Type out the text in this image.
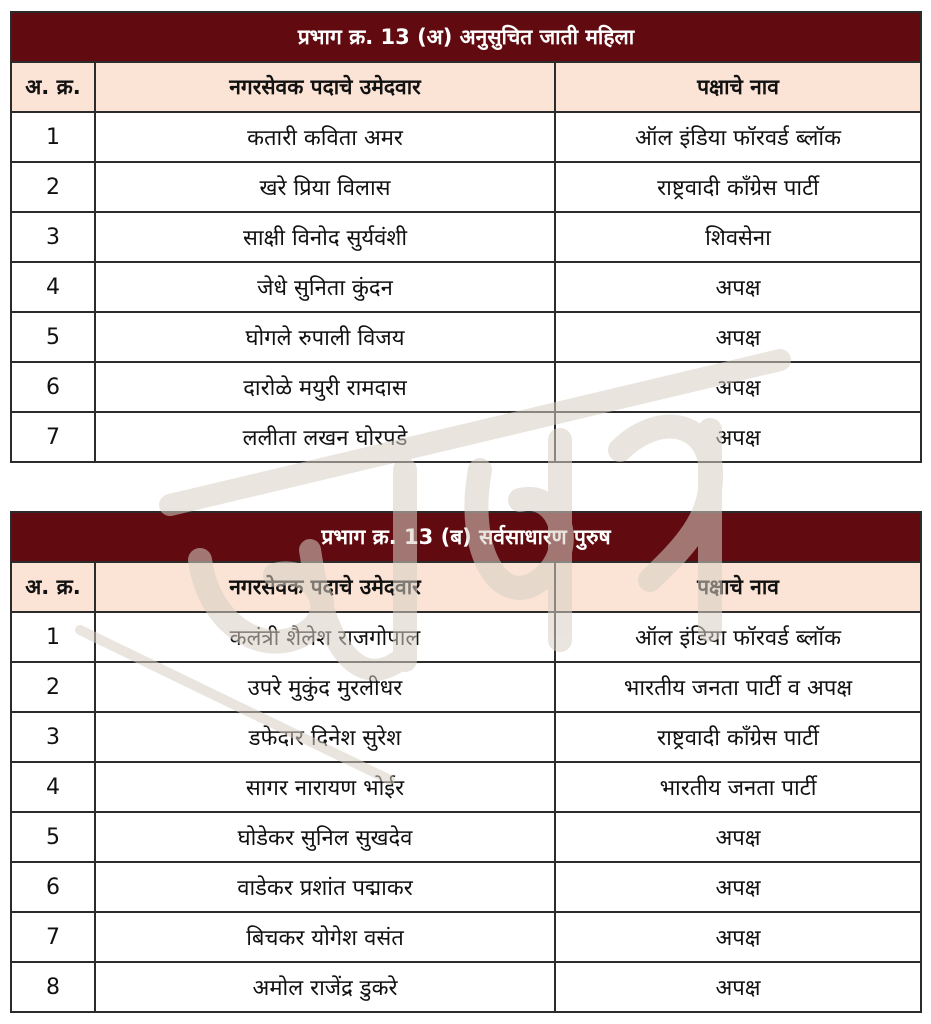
प्रभाग क्र. 13 (अ) अनुसुचित जाती महिला		
अ. क्र.	नगरसेवक पदाचे उमेदवार	पक्षाचे नाव
1	कतारी कविता अमर	ऑल इंडिया फॉरवर्ड ब्लॉक
2	खरे प्रिया विलास	राष्ट्रवादी कॉंग्रेस पार्टी
3	साक्षी विनोद सुर्यवंशी	शिवसेना
4	जेधे सुनिता कुंदन	अपक्ष
5	घोगले रुपाली विजय	अपक्ष
6	दारोळे मयुरी रामदास	अपक्ष
7	ललीता लखन घोरपडे	अपक्ष
प्रभाग क्र. 13 (ब) सर्वसाधारण पुरुष		
अ. क्र.	नगरसेवक पदाचे उमेदवार	पक्षाचे नाव
1	कलंत्री शैलेश राजगोपाल	ऑल इंडिया फॉरवर्ड ब्लॉक
2	उपरे मुकुंद मुरलीधर	भारतीय जनता पार्टी व अपक्ष
3	डफेदार दिनेश सुरेश	राष्ट्रवादी कॉंग्रेस पार्टी
4	सागर नारायण भोईर	भारतीय जनता पार्टी
5	घोडेकर सुनिल सुखदेव	अपक्ष
6	वाडेकर प्रशांत पद्माकर	अपक्ष
7	बिचकर योगेश वसंत	अपक्ष
8	अमोल राजेंद्र डुकरे	अपक्ष
